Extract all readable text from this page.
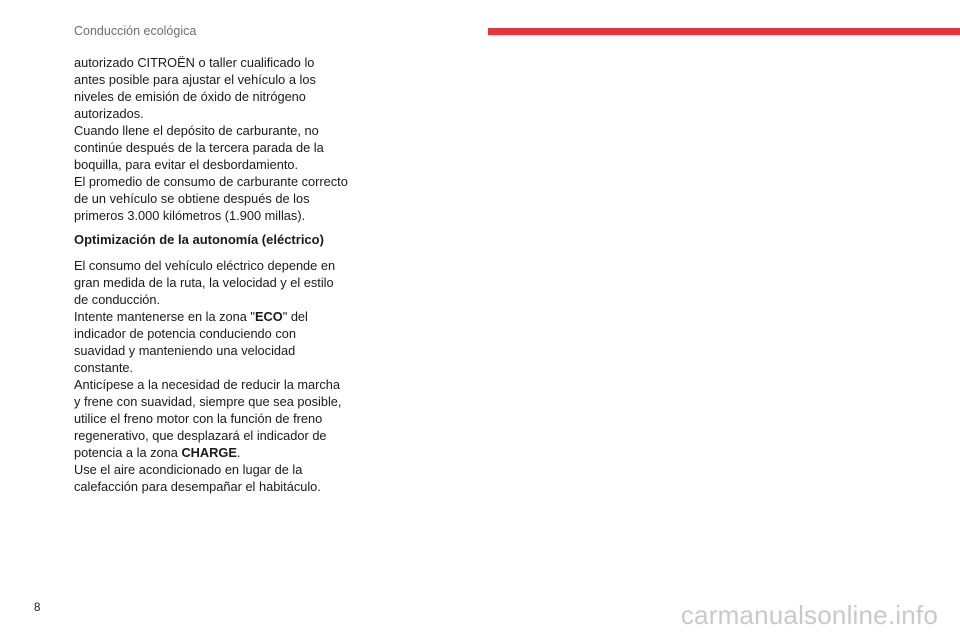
Conducción ecológica

autorizado CITROËN o taller cualificado lo antes posible para ajustar el vehículo a los niveles de emisión de óxido de nitrógeno autorizados.

Cuando llene el depósito de carburante, no continúe después de la tercera parada de la boquilla, para evitar el desbordamiento.

El promedio de consumo de carburante correcto de un vehículo se obtiene después de los primeros 3.000 kilómetros (1.900 millas).

Optimización de la autonomía (eléctrico)

El consumo del vehículo eléctrico depende en gran medida de la ruta, la velocidad y el estilo de conducción.

Intente mantenerse en la zona "ECO" del indicador de potencia conduciendo con suavidad y manteniendo una velocidad constante.

Anticípese a la necesidad de reducir la marcha y frene con suavidad, siempre que sea posible, utilice el freno motor con la función de freno regenerativo, que desplazará el indicador de potencia a la zona CHARGE.

Use el aire acondicionado en lugar de la calefacción para desempañar el habitáculo.

8	carmanualsonline.info
